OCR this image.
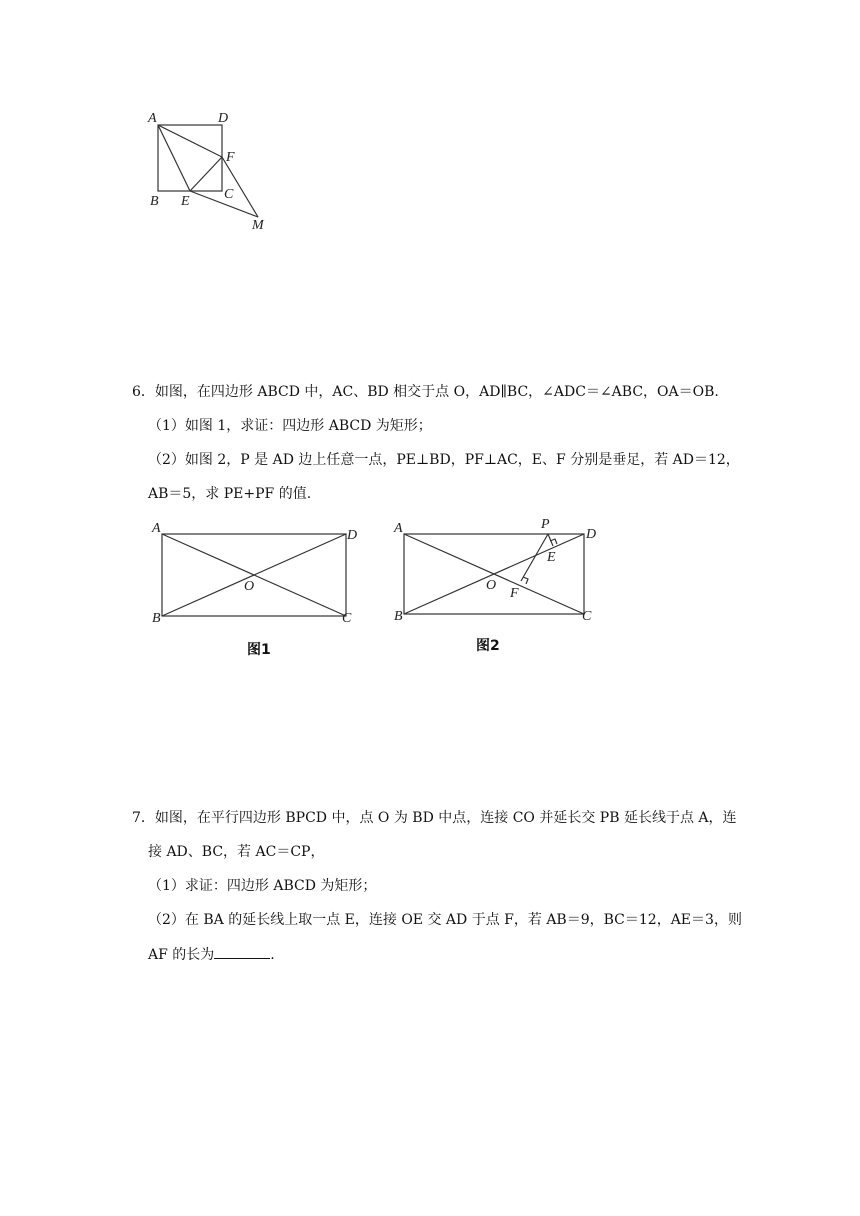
A	D
F
C
B E
M
6．如图，在四边形 ABCD 中，AC、BD 相交于点 O，AD∥BC，∠ADC＝∠ABC，OA＝OB.
（1）如图 1，求证：四边形 ABCD 为矩形；
（2）如图 2，P 是 AD 边上任意一点，PE⊥BD，PF⊥AC，E、F 分别是垂足，若 AD＝12，
AB＝5，求 PE+PF 的值.
A	D
O
B	C
图1
A	P
D
E
O
F
B	C
图2
7．如图，在平行四边形 BPCD 中，点 O 为 BD 中点，连接 CO 并延长交 PB 延长线于点 A，连
接 AD、BC，若 AC＝CP，
（1）求证：四边形 ABCD 为矩形；
（2）在 BA 的延长线上取一点 E，连接 OE 交 AD 于点 F，若 AB＝9，BC＝12，AE＝3，则
AF 的长为	.
